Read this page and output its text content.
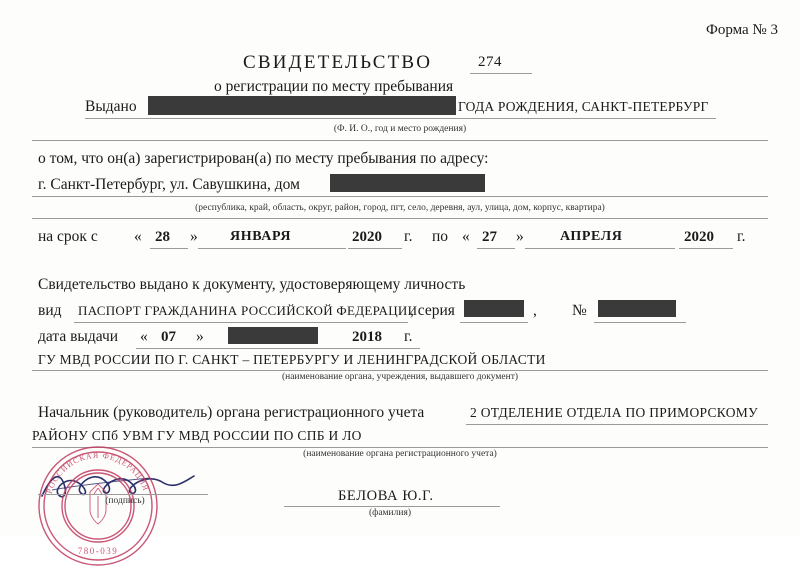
Форма № 3
СВИДЕТЕЛЬСТВО	274
о регистрации по месту пребывания
Выдано	ГОДА РОЖДЕНИЯ, САНКТ-ПЕТЕРБУРГ
(Ф. И. О., год и место рождения)
о том, что он(а) зарегистрирован(а) по месту пребывания по адресу:
г. Санкт-Петербург, ул. Савушкина, дом
(республика, край, область, округ, район, город, пгт, село, деревня, аул, улица, дом, корпус, квартира)
на срок с « 28 » ЯНВАРЯ	2020 г. по « 27 »	АПРЕЛЯ	2020 г.
Свидетельство выдано к документу, удостоверяющему личность
вид ПАСПОРТ ГРАЖДАНИНА РОССИЙСКОЙ ФЕДЕРАЦИИ
, серия	, №
дата выдачи « 07 »	2018 г.
ГУ МВД РОССИИ ПО Г. САНКТ – ПЕТЕРБУРГУ И ЛЕНИНГРАДСКОЙ ОБЛАСТИ
(наименование органа, учреждения, выдавшего документ)
Начальник (руководитель) органа регистрационного учета	2 ОТДЕЛЕНИЕ ОТДЕЛА ПО ПРИМОРСКОМУ
РАЙОНУ СПб УВМ ГУ МВД РОССИИ ПО СПБ И ЛО
(наименование органа регистрационного учета)
РОССИЙСКАЯ ФЕДЕРАЦИЯ
780-039
(подпись)	БЕЛОВА Ю.Г.
(фамилия)
